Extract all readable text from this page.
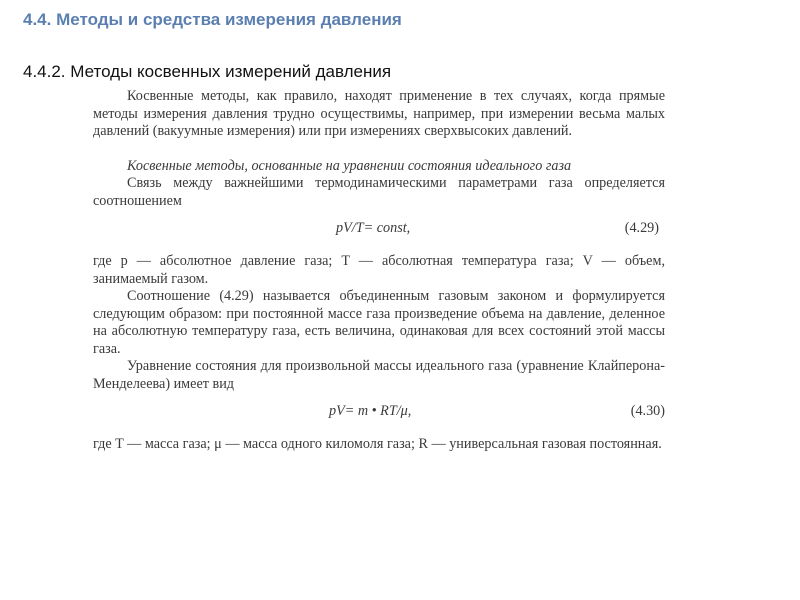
4.4. Методы и средства измерения давления
4.4.2. Методы косвенных измерений давления

Косвенные методы, как правило, находят применение в тех случаях, когда прямые методы измерения давления трудно осуществимы, например, при измерении весьма малых давлений (вакуумные измерения) или при измерениях сверхвысоких давлений.

Косвенные методы, основанные на уравнении состояния идеального газа

Связь между важнейшими термодинамическими параметрами газа определяется соотношением

pV/T= const,	(4.29)

где p — абсолютное давление газа; T — абсолютная температура газа; V — объем, занимаемый газом.

Соотношение (4.29) называется объединенным газовым законом и формулируется следующим образом: при постоянной массе газа произведение объема на давление, деленное на абсолютную температуру газа, есть величина, одинаковая для всех состояний этой массы газа.

Уравнение состояния для произвольной массы идеального газа (уравнение Клайперона-Менделеева) имеет вид

pV= m • RT/μ,	(4.30)

где T — масса газа; μ — масса одного киломоля газа; R — универсальная газовая постоянная.
